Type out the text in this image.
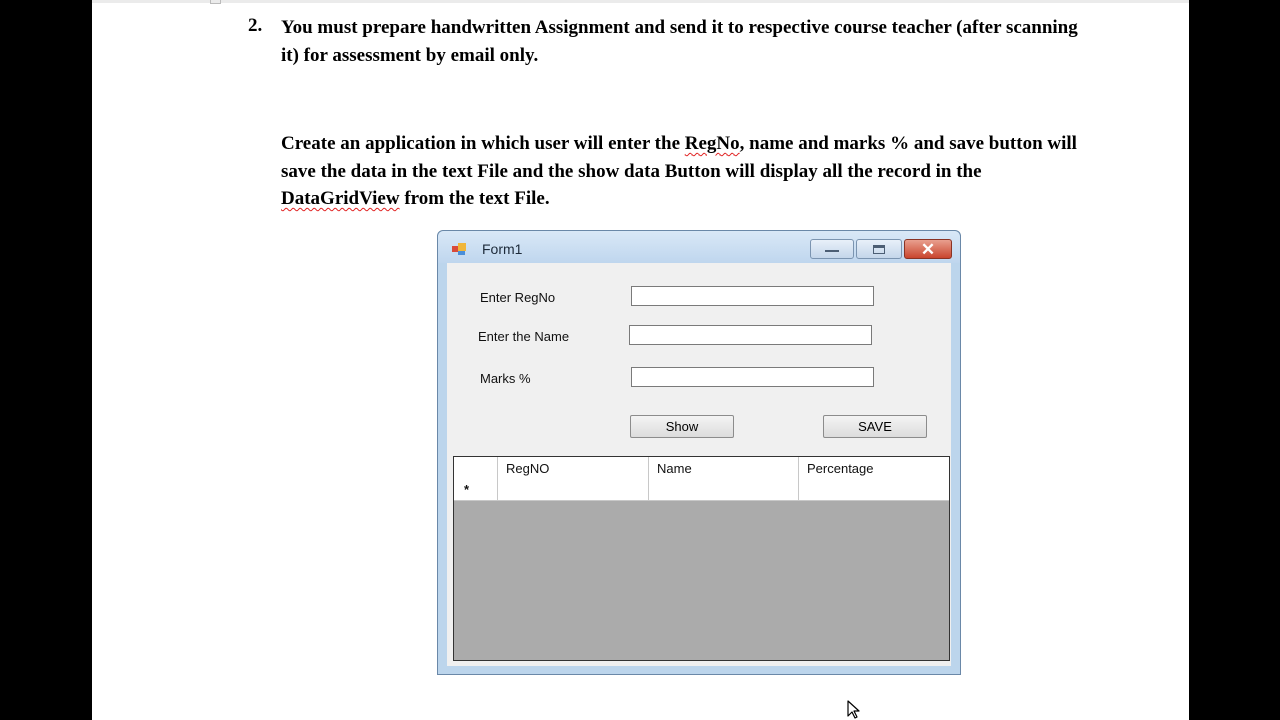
2. You must prepare handwritten Assignment and send it to respective course teacher (after scanning it) for assessment by email only.

Create an application in which user will enter the RegNo, name and marks % and save button will save the data in the text File and the show data Button will display all the record in the DataGridView from the text File.

Form1	✕
Enter RegNo
Enter the Name
Marks %
Show	SAVE
RegNO	Name	Percentage
*
